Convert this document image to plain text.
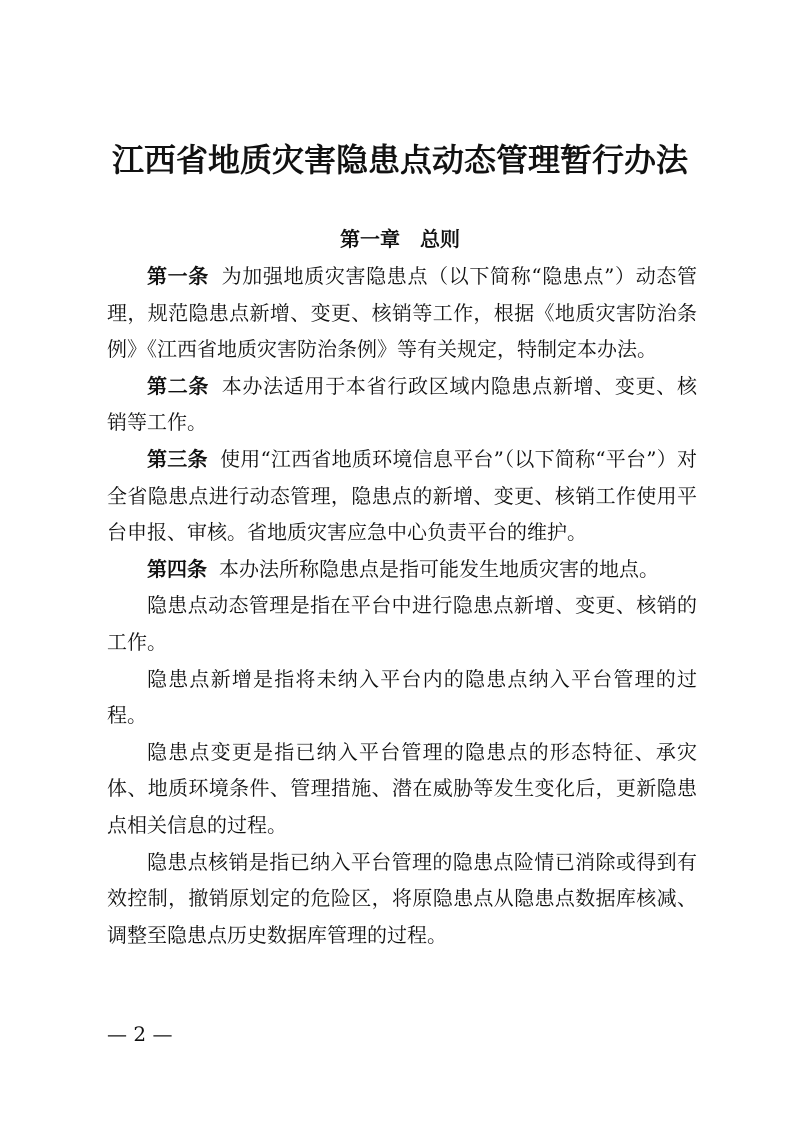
江西省地质灾害隐患点动态管理暂行办法
第一章　总则

第一条 为加强地质灾害隐患点（以下简称“隐患点”）动态管理，规范隐患点新增、变更、核销等工作，根据《地质灾害防治条例》《江西省地质灾害防治条例》等有关规定，特制定本办法。

第二条 本办法适用于本省行政区域内隐患点新增、变更、核销等工作。

第三条 使用“江西省地质环境信息平台”（以下简称“平台”）对全省隐患点进行动态管理，隐患点的新增、变更、核销工作使用平台申报、审核。省地质灾害应急中心负责平台的维护。

第四条 本办法所称隐患点是指可能发生地质灾害的地点。

隐患点动态管理是指在平台中进行隐患点新增、变更、核销的工作。

隐患点新增是指将未纳入平台内的隐患点纳入平台管理的过程。

隐患点变更是指已纳入平台管理的隐患点的形态特征、承灾体、地质环境条件、管理措施、潜在威胁等发生变化后，更新隐患点相关信息的过程。

隐患点核销是指已纳入平台管理的隐患点险情已消除或得到有效控制，撤销原划定的危险区，将原隐患点从隐患点数据库核减、调整至隐患点历史数据库管理的过程。

— 2 —
